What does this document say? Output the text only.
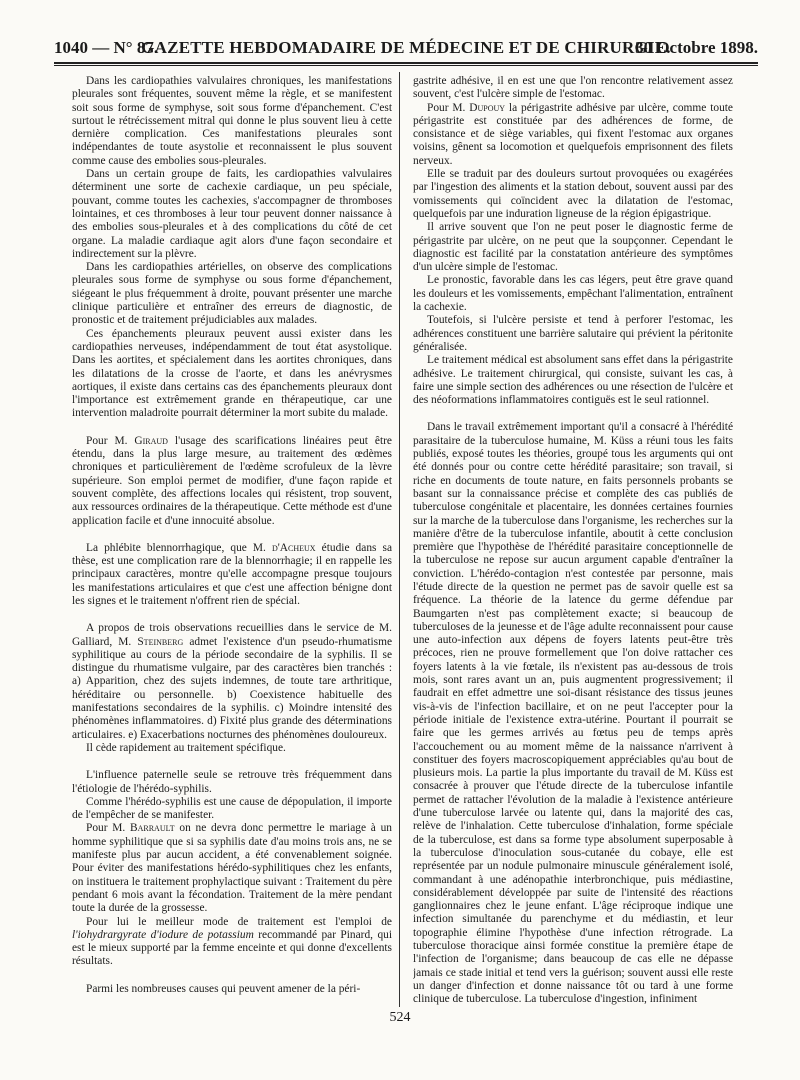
1040 — N° 87.
GAZETTE HEBDOMADAIRE DE MÉDECINE ET DE CHIRURGIE.
30 Octobre 1898.

Dans les cardiopathies valvulaires chroniques, les manifestations pleurales sont fréquentes, souvent même la règle, et se manifestent soit sous forme de symphyse, soit sous forme d'épanchement. C'est surtout le rétrécissement mitral qui donne le plus souvent lieu à cette dernière complication. Ces manifestations pleurales sont indépendantes de toute asystolie et reconnaissent le plus souvent comme cause des embolies sous-pleurales.

Dans un certain groupe de faits, les cardiopathies valvulaires déterminent une sorte de cachexie cardiaque, un peu spéciale, pouvant, comme toutes les cachexies, s'accompagner de thromboses lointaines, et ces thromboses à leur tour peuvent donner naissance à des embolies sous-pleurales et à des complications du côté de cet organe. La maladie cardiaque agit alors d'une façon secondaire et indirectement sur la plèvre.

Dans les cardiopathies artérielles, on observe des complications pleurales sous forme de symphyse ou sous forme d'épanchement, siégeant le plus fréquemment à droite, pouvant présenter une marche clinique particulière et entraîner des erreurs de diagnostic, de pronostic et de traitement préjudiciables aux malades.

Ces épanchements pleuraux peuvent aussi exister dans les cardiopathies nerveuses, indépendamment de tout état asystolique. Dans les aortites, et spécialement dans les aortites chroniques, dans les dilatations de la crosse de l'aorte, et dans les anévrysmes aortiques, il existe dans certains cas des épanchements pleuraux dont l'importance est extrêmement grande en thérapeutique, car une intervention maladroite pourrait déterminer la mort subite du malade.

Pour M. Giraud l'usage des scarifications linéaires peut être étendu, dans la plus large mesure, au traitement des œdèmes chroniques et particulièrement de l'œdème scrofuleux de la lèvre supérieure. Son emploi permet de modifier, d'une façon rapide et souvent complète, des affections locales qui résistent, trop souvent, aux ressources ordinaires de la thérapeutique. Cette méthode est d'une application facile et d'une innocuité absolue.

La phlébite blennorrhagique, que M. d'Acheux étudie dans sa thèse, est une complication rare de la blennorrhagie; il en rappelle les principaux caractères, montre qu'elle accompagne presque toujours les manifestations articulaires et que c'est une affection bénigne dont les signes et le traitement n'offrent rien de spécial.

A propos de trois observations recueillies dans le service de M. Galliard, M. Steinberg admet l'existence d'un pseudo-rhumatisme syphilitique au cours de la période secondaire de la syphilis. Il se distingue du rhumatisme vulgaire, par des caractères bien tranchés : a) Apparition, chez des sujets indemnes, de toute tare arthritique, héréditaire ou personnelle. b) Coexistence habituelle des manifestations secondaires de la syphilis. c) Moindre intensité des phénomènes inflammatoires. d) Fixité plus grande des déterminations articulaires. e) Exacerbations nocturnes des phénomènes douloureux.

Il cède rapidement au traitement spécifique.

L'influence paternelle seule se retrouve très fréquemment dans l'étiologie de l'hérédo-syphilis.

Comme l'hérédo-syphilis est une cause de dépopulation, il importe de l'empêcher de se manifester.

Pour M. Barrault on ne devra donc permettre le mariage à un homme syphilitique que si sa syphilis date d'au moins trois ans, ne se manifeste plus par aucun accident, a été convenablement soignée. Pour éviter des manifestations hérédo-syphilitiques chez les enfants, on instituera le traitement prophylactique suivant : Traitement du père pendant 6 mois avant la fécondation. Traitement de la mère pendant toute la durée de la grossesse.

Pour lui le meilleur mode de traitement est l'emploi de l'iohydrargyrate d'iodure de potassium recommandé par Pinard, qui est le mieux supporté par la femme enceinte et qui donne d'excellents résultats.

Parmi les nombreuses causes qui peuvent amener de la péri-

gastrite adhésive, il en est une que l'on rencontre relativement assez souvent, c'est l'ulcère simple de l'estomac.

Pour M. Dupouy la périgastrite adhésive par ulcère, comme toute périgastrite est constituée par des adhérences de forme, de consistance et de siège variables, qui fixent l'estomac aux organes voisins, gênent sa locomotion et quelquefois emprisonnent des filets nerveux.

Elle se traduit par des douleurs surtout provoquées ou exagérées par l'ingestion des aliments et la station debout, souvent aussi par des vomissements qui coïncident avec la dilatation de l'estomac, quelquefois par une induration ligneuse de la région épigastrique.

Il arrive souvent que l'on ne peut poser le diagnostic ferme de périgastrite par ulcère, on ne peut que la soupçonner. Cependant le diagnostic est facilité par la constatation antérieure des symptômes d'un ulcère simple de l'estomac.

Le pronostic, favorable dans les cas légers, peut être grave quand les douleurs et les vomissements, empêchant l'alimentation, entraînent la cachexie.

Toutefois, si l'ulcère persiste et tend à perforer l'estomac, les adhérences constituent une barrière salutaire qui prévient la péritonite généralisée.

Le traitement médical est absolument sans effet dans la périgastrite adhésive. Le traitement chirurgical, qui consiste, suivant les cas, à faire une simple section des adhérences ou une résection de l'ulcère et des néoformations inflammatoires contiguës est le seul rationnel.

Dans le travail extrêmement important qu'il a consacré à l'hérédité parasitaire de la tuberculose humaine, M. Küss a réuni tous les faits publiés, exposé toutes les théories, groupé tous les arguments qui ont été donnés pour ou contre cette hérédité parasitaire; son travail, si riche en documents de toute nature, en faits personnels probants se basant sur la connaissance précise et complète des cas publiés de tuberculose congénitale et placentaire, les données certaines fournies sur la marche de la tuberculose dans l'organisme, les recherches sur la manière d'être de la tuberculose infantile, aboutit à cette conclusion première que l'hypothèse de l'hérédité parasitaire conceptionnelle de la tuberculose ne repose sur aucun argument capable d'entraîner la conviction. L'hérédo-contagion n'est contestée par personne, mais l'étude directe de la question ne permet pas de savoir quelle est sa fréquence. La théorie de la latence du germe défendue par Baumgarten n'est pas complètement exacte; si beaucoup de tuberculoses de la jeunesse et de l'âge adulte reconnaissent pour cause une auto-infection aux dépens de foyers latents peut-être très précoces, rien ne prouve formellement que l'on doive rattacher ces foyers latents à la vie fœtale, ils n'existent pas au-dessous de trois mois, sont rares avant un an, puis augmentent progressivement; il faudrait en effet admettre une soi-disant résistance des tissus jeunes vis-à-vis de l'infection bacillaire, et on ne peut l'accepter pour la période initiale de l'existence extra-utérine. Pourtant il pourrait se faire que les germes arrivés au fœtus peu de temps après l'accouchement ou au moment même de la naissance n'arrivent à constituer des foyers macroscopiquement appréciables qu'au bout de plusieurs mois. La partie la plus importante du travail de M. Küss est consacrée à prouver que l'étude directe de la tuberculose infantile permet de rattacher l'évolution de la maladie à l'existence antérieure d'une tuberculose larvée ou latente qui, dans la majorité des cas, relève de l'inhalation. Cette tuberculose d'inhalation, forme spéciale de la tuberculose, est dans sa forme type absolument superposable à la tuberculose d'inoculation sous-cutanée du cobaye, elle est représentée par un nodule pulmonaire minuscule généralement isolé, commandant à une adénopathie interbronchique, puis médiastine, considérablement développée par suite de l'intensité des réactions ganglionnaires chez le jeune enfant. L'âge réciproque indique une infection simultanée du parenchyme et du médiastin, et leur topographie élimine l'hypothèse d'une infection rétrograde. La tuberculose thoracique ainsi formée constitue la première étape de l'infection de l'organisme; dans beaucoup de cas elle ne dépasse jamais ce stade initial et tend vers la guérison; souvent aussi elle reste un danger d'infection et donne naissance tôt ou tard à une forme clinique de tuberculose. La tuberculose d'ingestion, infiniment

524
